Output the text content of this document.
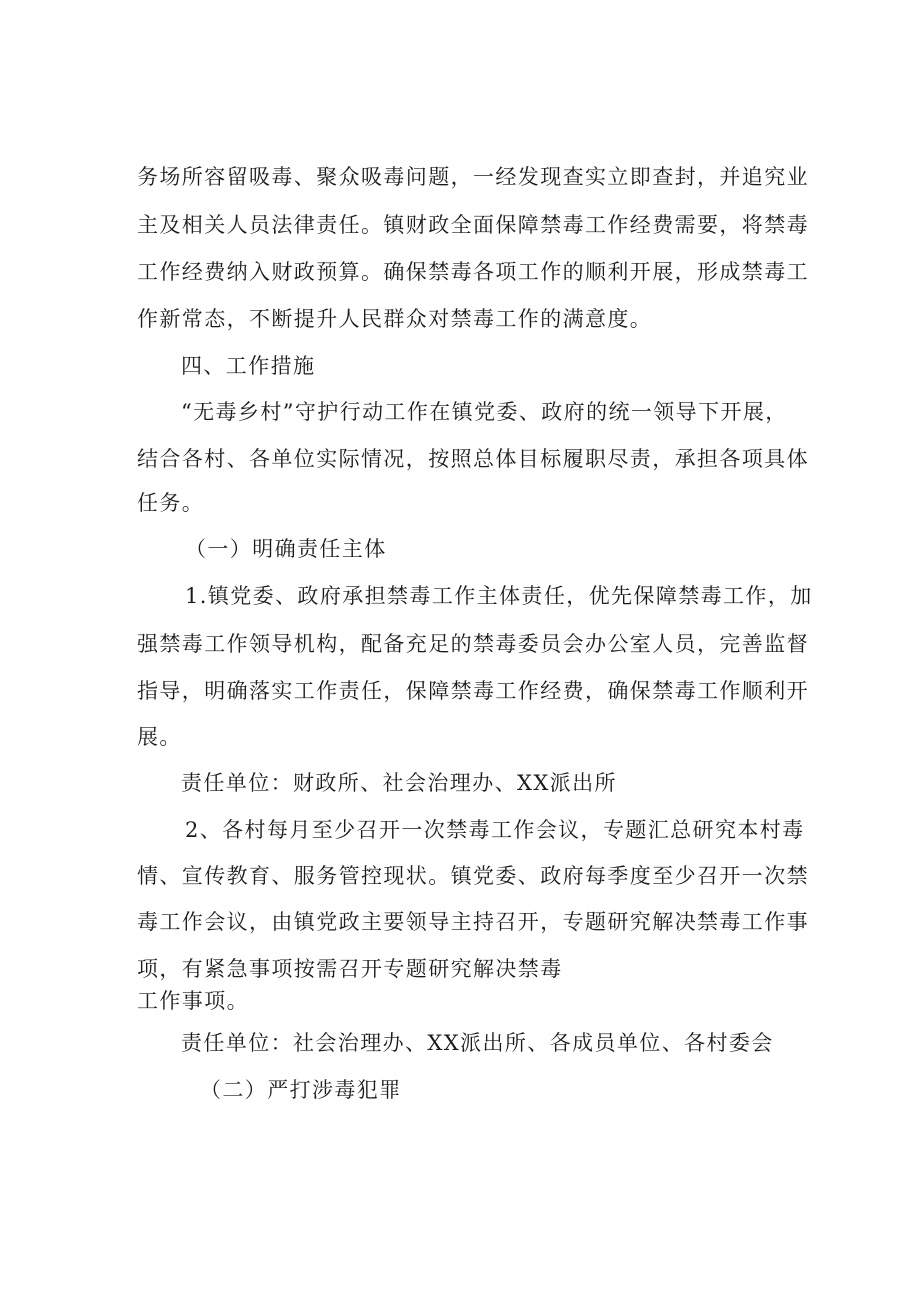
务场所容留吸毒、聚众吸毒问题，一经发现查实立即查封，并追究业
主及相关人员法律责任。镇财政全面保障禁毒工作经费需要，将禁毒
工作经费纳入财政预算。确保禁毒各项工作的顺利开展，形成禁毒工
作新常态，不断提升人民群众对禁毒工作的满意度。
四、工作措施
“无毒乡村”守护行动工作在镇党委、政府的统一领导下开展，
结合各村、各单位实际情况，按照总体目标履职尽责，承担各项具体
任务。
（一）明确责任主体
1.镇党委、政府承担禁毒工作主体责任，优先保障禁毒工作，加
强禁毒工作领导机构，配备充足的禁毒委员会办公室人员，完善监督
指导，明确落实工作责任，保障禁毒工作经费，确保禁毒工作顺利开
展。
责任单位：财政所、社会治理办、XX派出所
2、各村每月至少召开一次禁毒工作会议，专题汇总研究本村毒
情、宣传教育、服务管控现状。镇党委、政府每季度至少召开一次禁
毒工作会议，由镇党政主要领导主持召开，专题研究解决禁毒工作事
项，有紧急事项按需召开专题研究解决禁毒
工作事项。
责任单位：社会治理办、XX派出所、各成员单位、各村委会
（二）严打涉毒犯罪
